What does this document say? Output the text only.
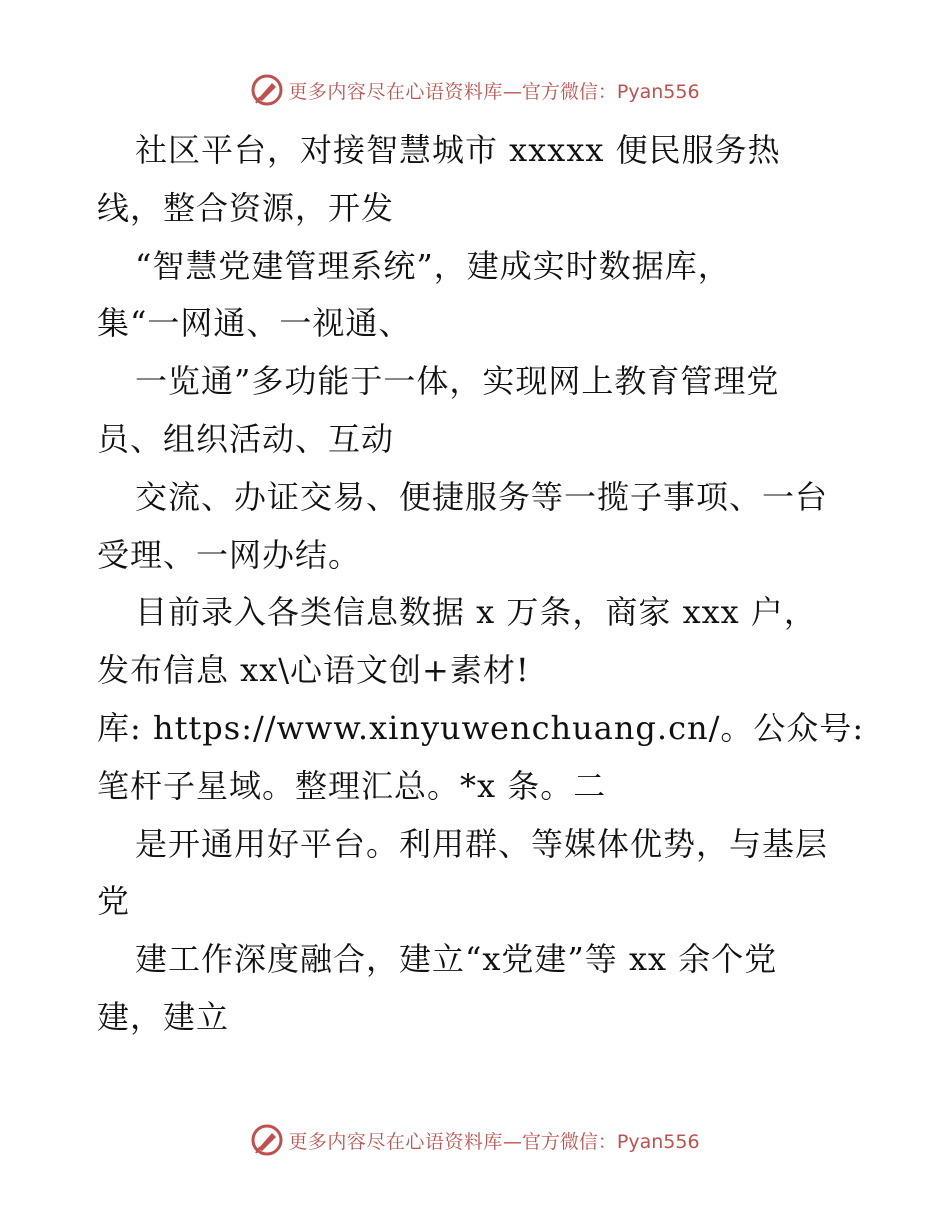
更多内容尽在心语资料库 —官方微信：Pyan556
社区平台，对接智慧城市 xxxxx 便民服务热
线，整合资源，开发
“智慧党建管理系统”，建成实时数据库，
集“一网通、一视通、
一览通”多功能于一体，实现网上教育管理党
员、组织活动、互动
交流、办证交易、便捷服务等一揽子事项、一台
受理、一网办结。
目前录入各类信息数据 x 万条，商家 xxx 户，
发布信息 xx\心语文创+素材!
库: https://www.xinyuwenchuang.cn/。公众号:
笔杆子星域。整理汇总。*x 条。二
是开通用好平台。利用群、等媒体优势，与基层
党
建工作深度融合，建立“x党建”等 xx 余个党
建，建立
更多内容尽在心语资料库 —官方微信：Pyan556
